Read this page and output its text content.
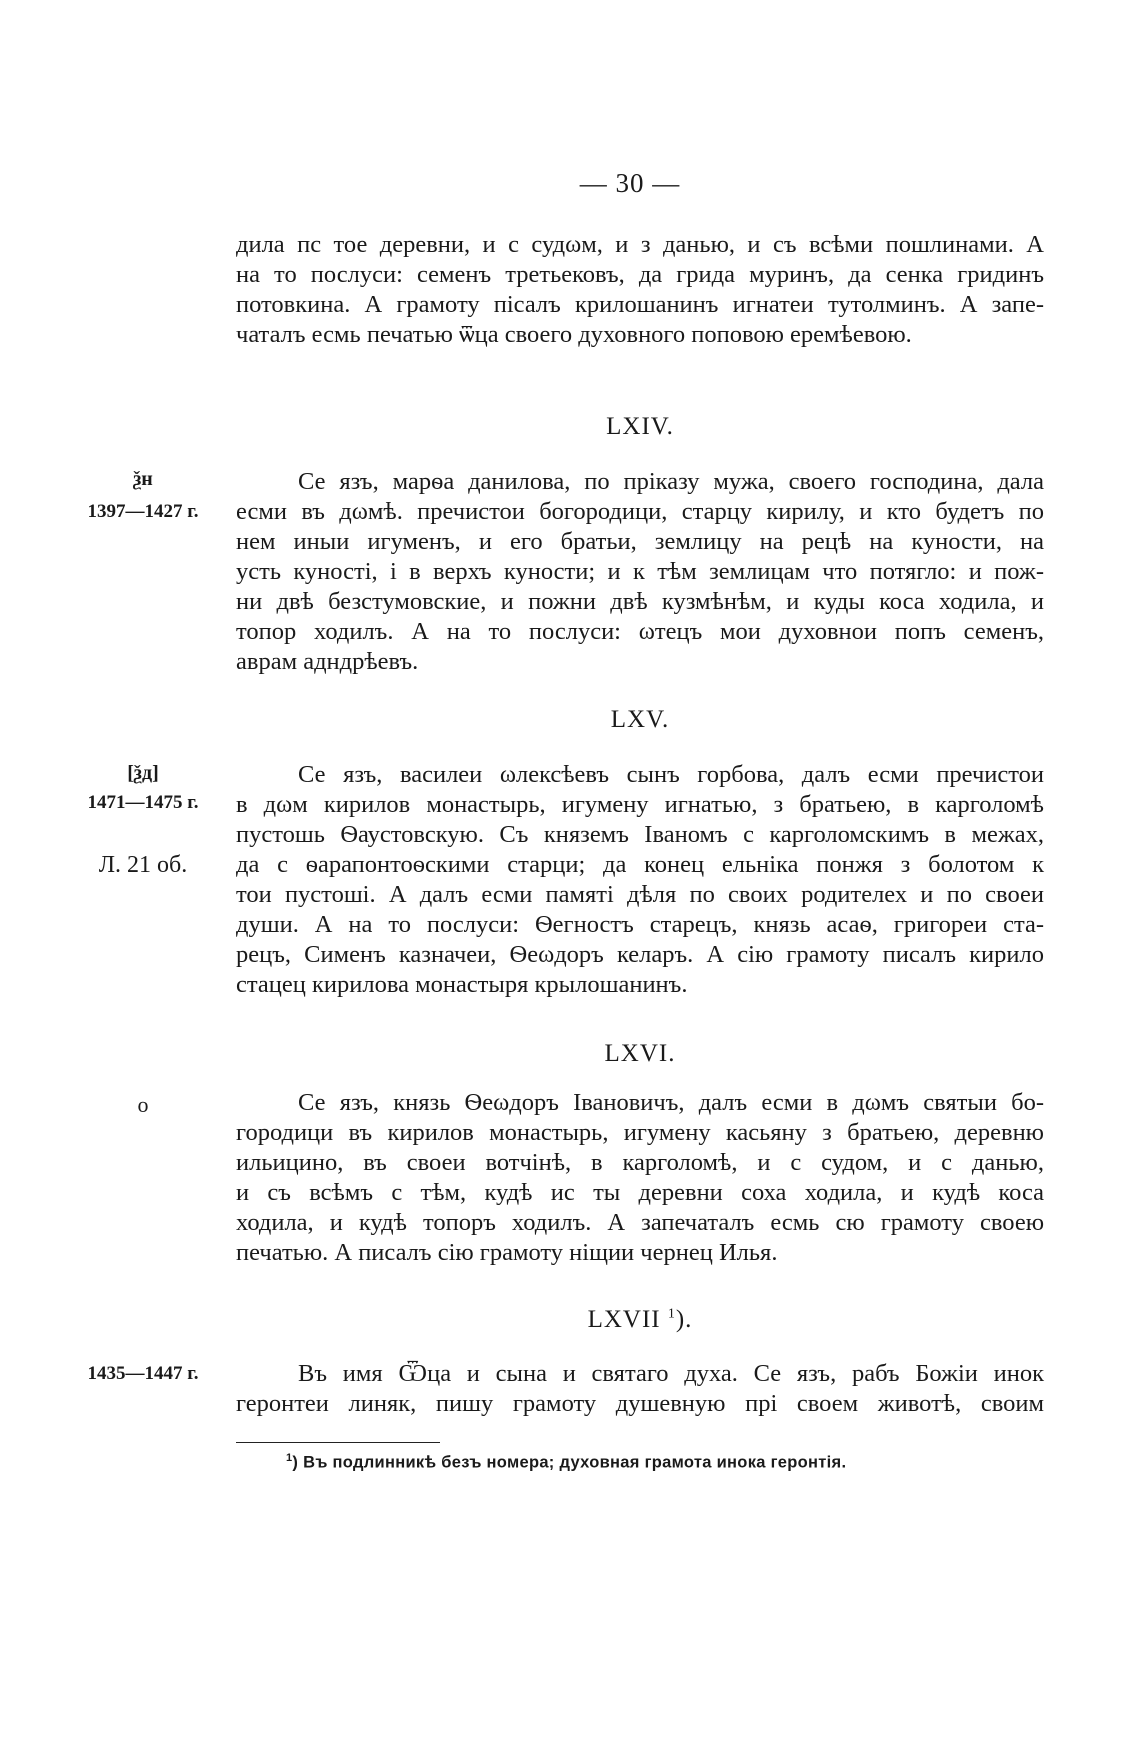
— 30 —
дила пс тое деревни, и с судωм, и з данью, и съ всѣми пошлинами. А
на то послуси: семенъ третьековъ, да грида муринъ, да сенка гридинъ
потовкина. А грамоту пiсалъ крилошанинъ игнатеи тутолминъ. А запе-
чаталъ есмь печатью ѿца своего духовного поповою еремѣевою.
LXIV.
ѯн
1397—1427 г.
Се язъ, марѳа данилова, по прiказу мужа, своего господина, дала
есми въ дωмѣ. пречистои богородици, старцу кирилу, и кто будетъ по
нем иныи игуменъ, и его братьи, землицу на рецѣ на куности, на
усть куностi, i в верхъ куности; и к тѣм землицам что потягло: и пож-
ни двѣ безстумовские, и пожни двѣ кузмѣнѣм, и куды коса ходила, и
топор ходилъ. А на то послуси: ωтецъ мои духовнои попъ семенъ,
аврам адндрѣевъ.
LXV.
[ѯд]
1471—1475 г.
Л. 21 об.
Се язъ, василеи ωлексѣевъ сынъ горбова, далъ есми пречистои
в дωм кирилов монастырь, игумену игнатью, з братьею, в карголомѣ
пустошь Ѳаустовскую. Съ княземъ Iваномъ с карголомскимъ в межах,
да с ѳарапонтоѳскими старци; да конец ельнiка понжя з болотом к
тои пустошi. А далъ есми памятi дѣля по своих родителех и по своеи
души. А на то послуси: Ѳегностъ старецъ, князь асаѳ, григореи ста-
рецъ, Сименъ казначеи, Ѳеωдоръ келаръ. А сiю грамоту писалъ кирило
стацец кирилова монастыря крылошанинъ.
LXVI.
о	Се язъ, князь Ѳеωдоръ Iвановичъ, далъ есми в дωмъ святыи бо-
городици въ кирилов монастырь, игумену касьяну з братьею, деревню
ильицино, въ своеи вотчiнѣ, в карголомѣ, и с судом, и с данью,
и съ всѣмъ с тѣм, кудѣ ис ты деревни соха ходила, и кудѣ коса
ходила, и кудѣ топоръ ходилъ. А запечаталъ есмь сю грамоту своею
печатью. А писалъ сiю грамоту нiщии чернец Илья.
LXVII $^1$).
1435—1447 г.	Въ имя Ѿца и сына и святаго духа. Се язъ, рабъ Божiи инок
геронтеи линяк, пишу грамоту душевную прi своем животѣ, своим
$^1$) Въ подлинникѣ безъ номера; духовная грамота инока геронтiя.
